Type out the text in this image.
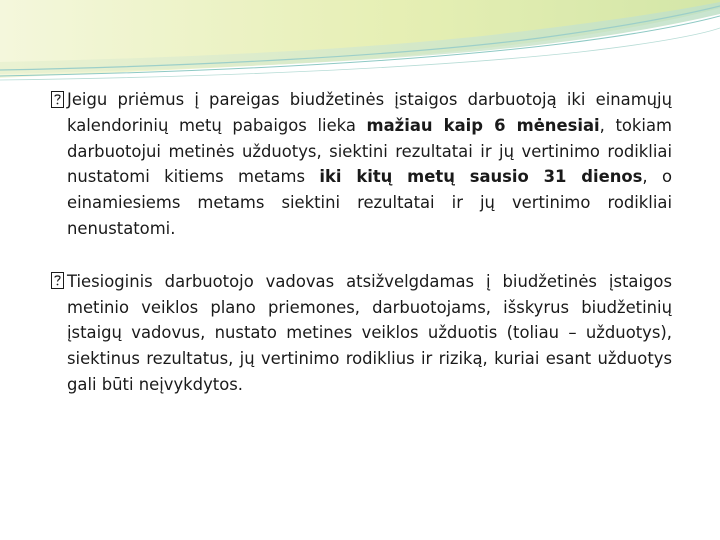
Jeigu priėmus į pareigas biudžetinės įstaigos darbuotoją iki einamųjų kalendorinių metų pabaigos lieka mažiau kaip 6 mėnesiai, tokiam darbuotojui metinės užduotys, siektini rezultatai ir jų vertinimo rodikliai nustatomi kitiems metams iki kitų metų sausio 31 dienos, o einamiesiems metams siektini rezultatai ir jų vertinimo rodikliai nenustatomi.

Tiesioginis darbuotojo vadovas atsižvelgdamas į biudžetinės įstaigos metinio veiklos plano priemones, darbuotojams, išskyrus biudžetinių įstaigų vadovus, nustato metines veiklos užduotis (toliau – užduotys), siektinus rezultatus, jų vertinimo rodiklius ir riziką, kuriai esant užduotys gali būti neįvykdytos.
